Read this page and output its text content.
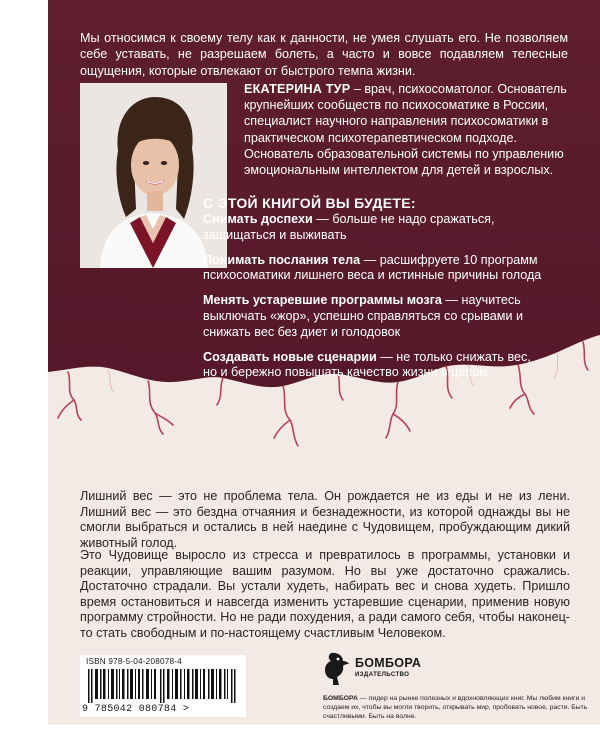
Мы относимся к своему телу как к данности, не умея слушать его. Не позволяем себе уставать, не разрешаем болеть, а часто и вовсе подавляем телесные ощущения, которые отвлекают от быстрого темпа жизни.

ЕКАТЕРИНА ТУР – врач, психосоматолог. Основатель крупнейших сообществ по психосоматике в России, специалист научного направления психосоматики в практическом психотерапевтическом подходе. Основатель образовательной системы по управлению эмоциональным интеллектом для детей и взрослых.

С ЭТОЙ КНИГОЙ ВЫ БУДЕТЕ:

Снимать доспехи — больше не надо сражаться, защищаться и выживать
Понимать послания тела — расшифруете 10 программ психосоматики лишнего веса и истинные причины голода
Менять устаревшие программы мозга — научитесь выключать «жор», успешно справляться со срывами и снижать вес без диет и голодовок
Создавать новые сценарии — не только снижать вес, но и бережно повышать качество жизни в целом

Лишний вес — это не проблема тела. Он рождается не из еды и не из лени. Лишний вес — это бездна отчаяния и безнадежности, из которой однажды вы не смогли выбраться и остались в ней наедине с Чудовищем, пробуждающим дикий животный голод.

Это Чудовище выросло из стресса и превратилось в программы, установки и реакции, управляющие вашим разумом. Но вы уже достаточно сражались. Достаточно страдали. Вы устали худеть, набирать вес и снова худеть. Пришло время остановиться и навсегда изменить устаревшие сценарии, применив новую программу стройности. Но не ради похудения, а ради самого себя, чтобы наконец-то стать свободным и по-настоящему счастливым Человеком.

ISBN 978-5-04-208078-4
9 785042 080784 >
БОМБОРА
ИЗДАТЕЛЬСТВО

БОМБОРА — лидер на рынке полезных и вдохновляющих книг. Мы любим книги и создаем их, чтобы вы могли творить, открывать мир, пробовать новое, расти. Быть счастливыми. Быть на волне.
